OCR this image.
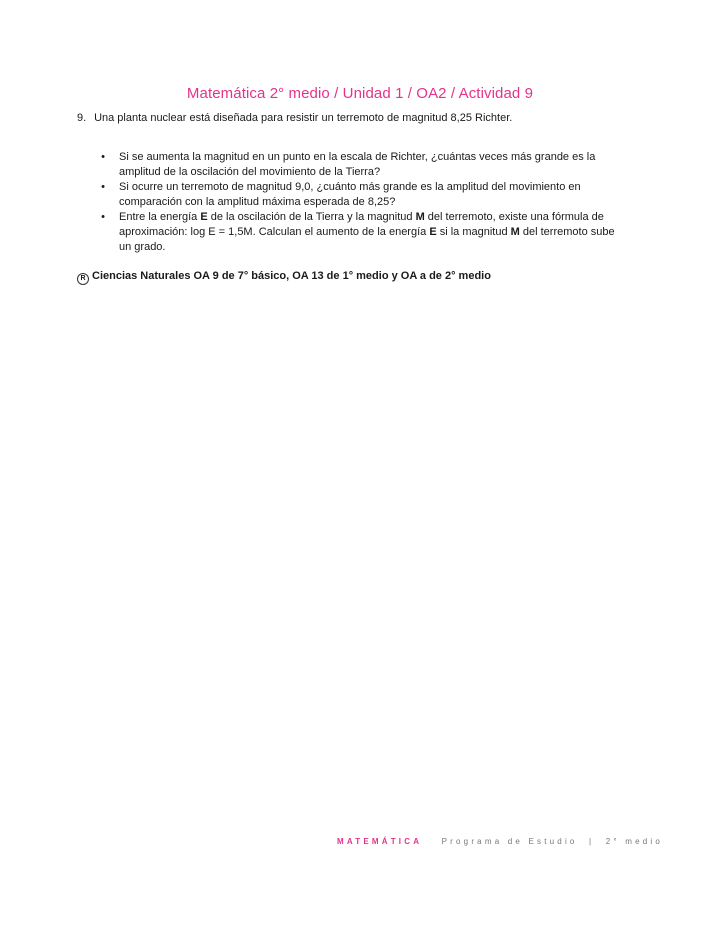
Matemática 2° medio / Unidad 1 / OA2 / Actividad 9
9. Una planta nuclear está diseñada para resistir un terremoto de magnitud 8,25 Richter.
• Si se aumenta la magnitud en un punto en la escala de Richter, ¿cuántas veces más grande es la amplitud de la oscilación del movimiento de la Tierra?
• Si ocurre un terremoto de magnitud 9,0, ¿cuánto más grande es la amplitud del movimiento en comparación con la amplitud máxima esperada de 8,25?
• Entre la energía E de la oscilación de la Tierra y la magnitud M del terremoto, existe una fórmula de aproximación: log E = 1,5M. Calculan el aumento de la energía E si la magnitud M del terremoto sube un grado.
R Ciencias Naturales OA 9 de 7° básico, OA 13 de 1° medio y OA a de 2° medio
MATEMÁTICA Programa de Estudio | 2° medio
